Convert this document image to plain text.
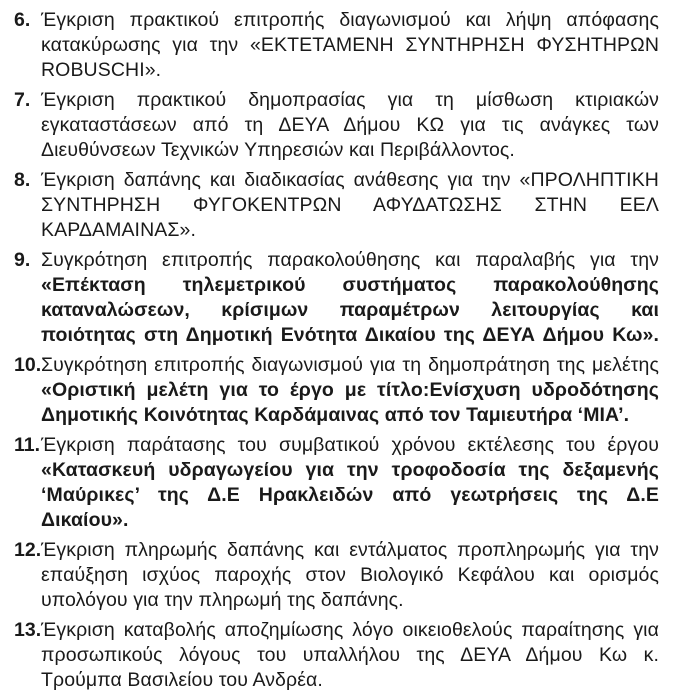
6. Έγκριση πρακτικού επιτροπής διαγωνισμού και λήψη απόφασης
κατακύρωσης για την «ΕΚΤΕΤΑΜΕΝΗ ΣΥΝΤΗΡΗΣΗ ΦΥΣΗΤΗΡΩΝ
ROBUSCHI».
7. Έγκριση πρακτικού δημοπρασίας για τη μίσθωση κτιριακών
εγκαταστάσεων από τη ΔΕΥΑ Δήμου ΚΩ για τις ανάγκες των
Διευθύνσεων Τεχνικών Υπηρεσιών και Περιβάλλοντος.
8. Έγκριση δαπάνης και διαδικασίας ανάθεσης για την «ΠΡΟΛΗΠΤΙΚΗ
ΣΥΝΤΗΡΗΣΗ ΦΥΓΟΚΕΝΤΡΩΝ ΑΦΥΔΑΤΩΣΗΣ ΣΤΗΝ ΕΕΛ
ΚΑΡΔΑΜΑΙΝΑΣ».
9. Συγκρότηση επιτροπής παρακολούθησης και παραλαβής για την
«Επέκταση τηλεμετρικού συστήματος παρακολούθησης
καταναλώσεων, κρίσιμων παραμέτρων λειτουργίας και
ποιότητας στη Δημοτική Ενότητα Δικαίου της ΔΕΥΑ Δήμου Κω».
10. Συγκρότηση επιτροπής διαγωνισμού για τη δημοπράτηση της μελέτης
«Οριστική μελέτη για το έργο με τίτλο:Ενίσχυση υδροδότησης
Δημοτικής Κοινότητας Καρδάμαινας από τον Ταμιευτήρα ‘ΜΙΑ’.
11. Έγκριση παράτασης του συμβατικού χρόνου εκτέλεσης του έργου
«Κατασκευή υδραγωγείου για την τροφοδοσία της δεξαμενής
‘Μαύρικες’ της Δ.Ε Ηρακλειδών από γεωτρήσεις της Δ.Ε
Δικαίου».
12. Έγκριση πληρωμής δαπάνης και εντάλματος προπληρωμής για την
επαύξηση ισχύος παροχής στον Βιολογικό Κεφάλου και ορισμός
υπολόγου για την πληρωμή της δαπάνης.
13. Έγκριση καταβολής αποζημίωσης λόγο οικειοθελούς παραίτησης για
προσωπικούς λόγους του υπαλλήλου της ΔΕΥΑ Δήμου Κω κ.
Τρούμπα Βασιλείου του Ανδρέα.
